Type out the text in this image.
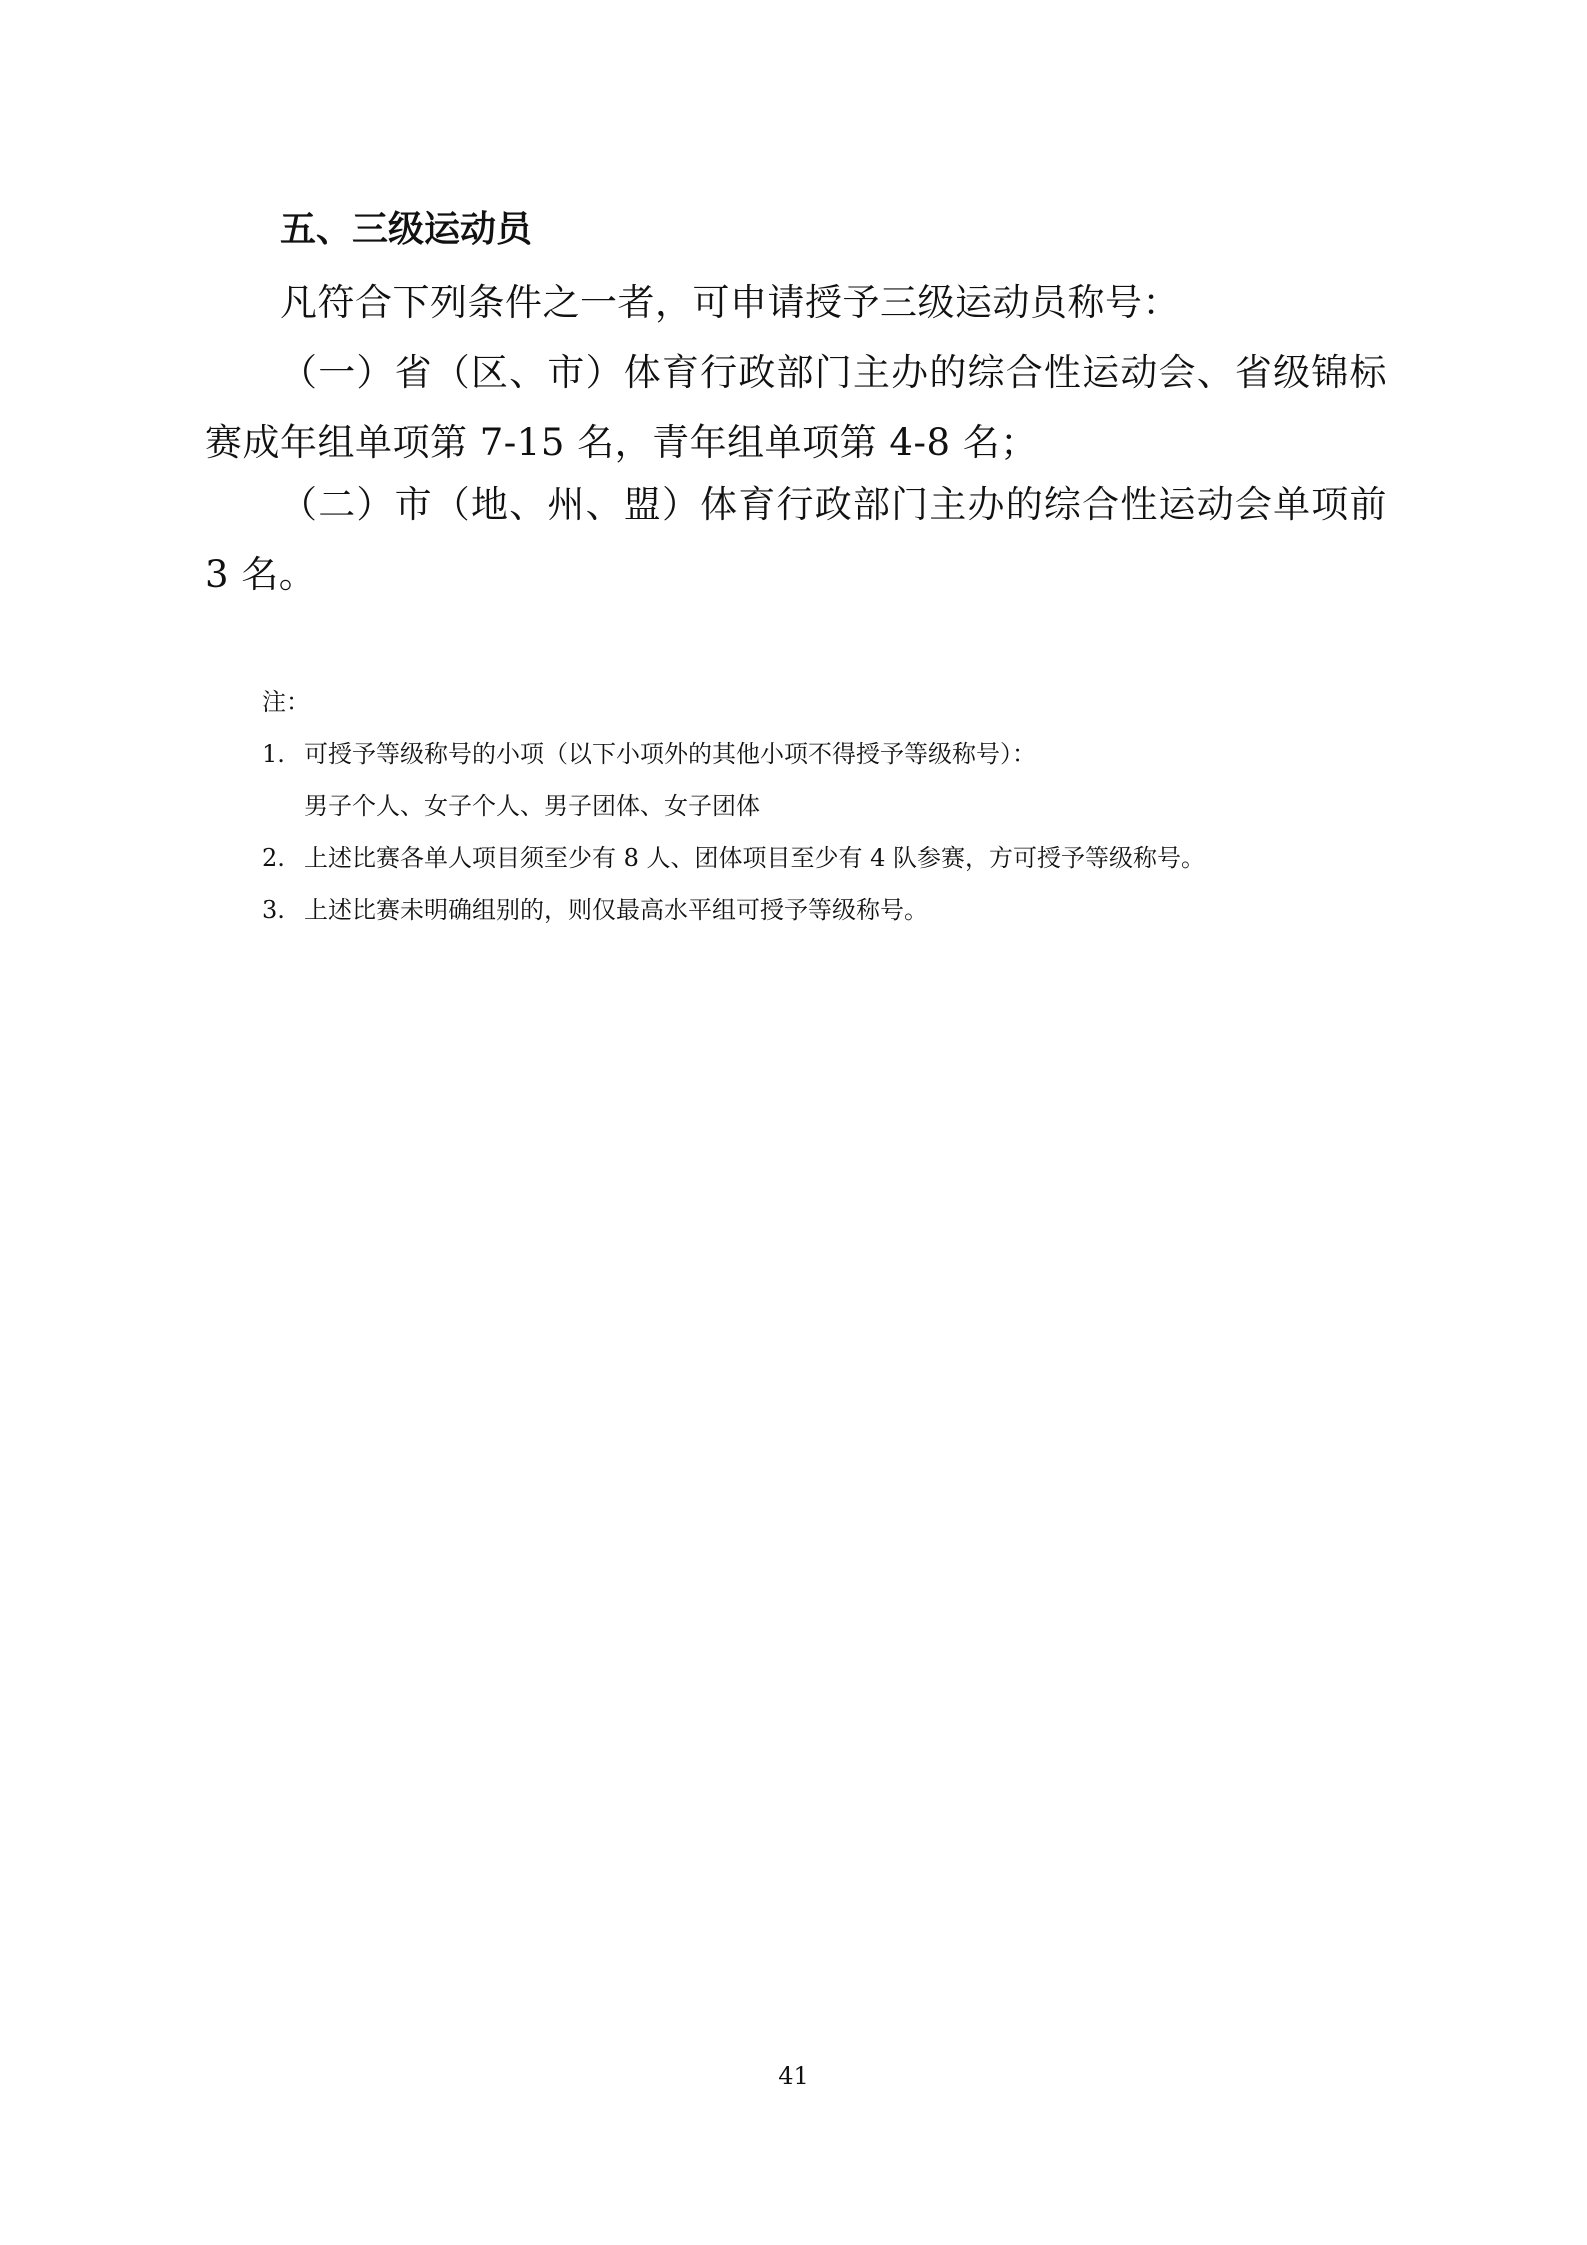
五、三级运动员

凡符合下列条件之一者，可申请授予三级运动员称号：

（一）省（区、市）体育行政部门主办的综合性运动会、省级锦标赛成年组单项第 7-15 名，青年组单项第 4-8 名；

（二）市（地、州、盟）体育行政部门主办的综合性运动会单项前 3 名。

注：
1. 可授予等级称号的小项（以下小项外的其他小项不得授予等级称号）：
男子个人、女子个人、男子团体、女子团体
2. 上述比赛各单人项目须至少有 8 人、团体项目至少有 4 队参赛，方可授予等级称号。
3. 上述比赛未明确组别的，则仅最高水平组可授予等级称号。
41
